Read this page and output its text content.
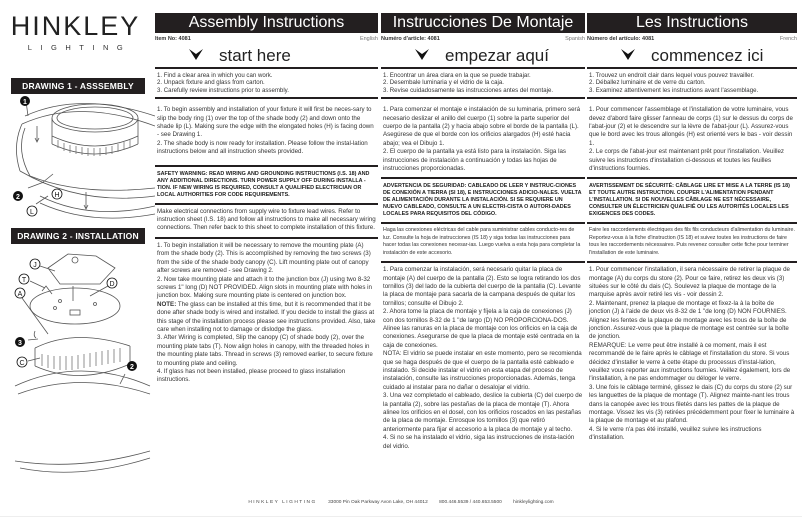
HINKLEY
LIGHTING
DRAWING 1 - ASSSEMBLY
1
2	H
L
DRAWING 2 - INSTALLATION
J
T
D
A
3
C
2
Assembly Instructions
Item No: 4081	English
start here
1. Find a clear area in which you can work.
2. Unpack fixture and glass from carton.
3. Carefully review instructions prior to assembly.
1. To begin assembly and installation of your fixture it will first be neces-sary to slip the body ring (1) over the top of the shade body (2) and down onto the shade lip (L). Making sure the edge with the elongated holes (H) is facing down - see Drawing 1.
2. The shade body is now ready for installation. Please follow the instal-lation instructions below and all instruction sheets provided.
SAFETY WARNING: READ WIRING AND GROUNDING INSTRUCTIONS (I.S. 18) AND ANY ADDITIONAL DIRECTIONS. TURN POWER SUPPLY OFF DURING INSTALLA - TION. IF NEW WIRING IS REQUIRED, CONSULT A QUALIFIED ELECTRICIAN OR LOCAL AUTHORITIES FOR CODE REQUIREMENTS.
Make electrical connections from supply wire to fixture lead wires. Refer to instruction sheet (I.S. 18) and follow all instructions to make all necessary wiring connections. Then refer back to this sheet to complete installation of this fixture.
1. To begin installation it will be necessary to remove the mounting plate (A) from the shade body (2). This is accomplished by removing the two screws (3) from the side of the shade body canopy (C). Lift mounting plate out of canopy after screws are removed - see Drawing 2.
2. Now take mounting plate and attach it to the junction box (J) using two 8-32 screws 1" long (D) NOT PROVIDED. Align slots in mounting plate with holes in junction box. Making sure mounting plate is centered on junction box.
NOTE: The glass can be installed at this time, but it is recommended that it be done after shade body is wired and installed. If you decide to install the glass at this stage of the installation process please see instructions provided. Also, take care when installing not to damage or dislodge the glass.
3. After Wiring is completed, Slip the canopy (C) of shade body (2), over the mounting plate tabs (T). Now align holes in canopy, with the threaded holes in the mounting plate tabs. Thread in screws (3) removed earlier, to secure fixture to mounting plate and ceiling.
4. If glass has not been installed, please proceed to glass installation instructions.
Instrucciones De Montaje
Numéro d'article: 4081	Spanish
empezar aquí
1. Encontrar un área clara en la que se puede trabajar.
2. Desembale luminaria y el vidrio de la caja.
3. Revise cuidadosamente las instrucciones antes del montaje.
1. Para comenzar el montaje e instalación de su luminaria, primero será necesario deslizar el anillo del cuerpo (1) sobre la parte superior del cuerpo de la pantalla (2) y hacia abajo sobre el borde de la pantalla (L). Asegúrese de que el borde con los orificios alargados (H) esté hacia abajo; vea el Dibujo 1.
2. El cuerpo de la pantalla ya está listo para la instalación. Siga las instrucciones de instalación a continuación y todas las hojas de instrucciones proporcionadas.
ADVERTENCIA DE SEGURIDAD: CABLEADO DE LEER Y INSTRUC-CIONES DE CONEXIÓN A TIERRA (SI 18), E INSTRUCCIONES ADICIO-NALES. VUELTA DE ALIMENTACIÓN DURANTE LA INSTALACIÓN. SI SE REQUIERE UN NUEVO CABLEADO, CONSULTE A UN ELECTRI-CISTA O AUTORI-DADES LOCALES PARA REQUISITOS DEL CÓDIGO.
Haga las conexiones eléctricas del cable para suministrar cables conducto-res de luz. Consulte la hoja de instrucciones (IS 18) y siga todas las instrucciones para hacer todas las conexiones necesar-ias. Luego vuelva a esta hoja para completar la instalación de este accesorio.
1. Para comenzar la instalación, será necesario quitar la placa de montaje (A) del cuerpo de la pantalla (2). Esto se logra retirando los dos tornillos (3) del lado de la cubierta del cuerpo de la pantalla (C). Levante la placa de montaje para sacarla de la campana después de quitar los tornillos; consulte el Dibujo 2.
2. Ahora tome la placa de montaje y fíjela a la caja de conexiones (J) con dos tornillos 8-32 de 1 "de largo (D) NO PROPORCIONA-DOS. Alinee las ranuras en la placa de montaje con los orificios en la caja de conexiones. Asegurarse de que la placa de montaje esté centrada en la caja de conexiones.
NOTA: El vidrio se puede instalar en este momento, pero se recomienda que se haga después de que el cuerpo de la pantalla esté cableado e instalado. Si decide instalar el vidrio en esta etapa del proceso de instalación, consulte las instrucciones proporcionadas. Además, tenga cuidado al instalar para no dañar o desalojar el vidrio.
3. Una vez completado el cableado, deslice la cubierta (C) del cuerpo de la pantalla (2), sobre las pestañas de la placa de montaje (T). Ahora alinee los orificios en el dosel, con los orificios roscados en las pestañas de la placa de montaje. Enrosque los tornillos (3) que retiró anteriormente para fijar el accesorio a la placa de montaje y al techo.
4. Si no se ha instalado el vidrio, siga las instrucciones de insta-lación del vidrio.
Les Instructions D’assemblage
Número del artículo: 4081	French
commencez ici
1. Trouvez un endroit clair dans lequel vous pouvez travailler.
2. Déballez luminaire et de verre du carton.
3. Examinez attentivement les instructions avant l'assemblage.
1. Pour commencer l'assemblage et l'installation de votre luminaire, vous devez d'abord faire glisser l'anneau de corps (1) sur le dessus du corps de l'abat-jour (2) et le descendre sur la lèvre de l'abat-jour (L). Assurez-vous que le bord avec les trous allongés (H) est orienté vers le bas - voir dessin 1.
2. Le corps de l'abat-jour est maintenant prêt pour l'installation. Veuillez suivre les instructions d'installation ci-dessous et toutes les feuilles d'instructions fournies.
AVERTISSEMENT DE SÉCURITÉ: CÂBLAGE LIRE ET MISE A LA TERRE (IS 18) ET TOUTE AUTRE INSTRUCTION. COUPER L'ALIMENTATION PENDANT L'INSTALLATION. SI DE NOUVELLES CÂBLAGE NE EST NÉCESSAIRE, CONSULTER UN ÉLECTRICIEN QUALIFIÉ OU LES AUTORITÉS LOCALES LES EXIGENCES DES CODES.
Faire les raccordements électriques des fils fils conducteurs d'alimentation du luminaire. Reportez-vous à la fiche d'instruction (IS 18) et suivez toutes les instructions de faire tous les raccordements nécessaires. Puis revenez consulter cette fiche pour terminer l'installation de este luminaire.
1. Pour commencer l'installation, il sera nécessaire de retirer la plaque de montage (A) du corps du store (2). Pour ce faire, retirez les deux vis (3) situées sur le côté du dais (C). Soulevez la plaque de montage de la marquise après avoir retiré les vis - voir dessin 2.
2. Maintenant, prenez la plaque de montage et fixez-la à la boîte de jonction (J) à l'aide de deux vis 8-32 de 1 "de long (D) NON FOURNIES. Alignez les fentes de la plaque de montage avec les trous de la boîte de jonction. Assurez-vous que la plaque de montage est centrée sur la boîte de jonction.
REMARQUE: Le verre peut être installé à ce moment, mais il est recommandé de le faire après le câblage et l'installation du store. Si vous décidez d'installer le verre à cette étape du processus d'instal-lation, veuillez vous reporter aux instructions fournies. Veillez également, lors de l'installation, à ne pas endommager ou déloger le verre.
3. Une fois le câblage terminé, glissez le dais (C) du corps du store (2) sur les languettes de la plaque de montage (T). Alignez mainte-nant les trous dans la canopée avec les trous filetés dans les pattes de la plaque de montage. Vissez les vis (3) retirées précédemment pour fixer le luminaire à la plaque de montage et au plafond.
4. Si le verre n'a pas été installé, veuillez suivre les instructions d'installation.
HINKLEY LIGHTING 33000 Pin Oak Parkway Avon Lake, OH 44012 800.446.5539 / 440.653.5500 hinkleylighting.com
